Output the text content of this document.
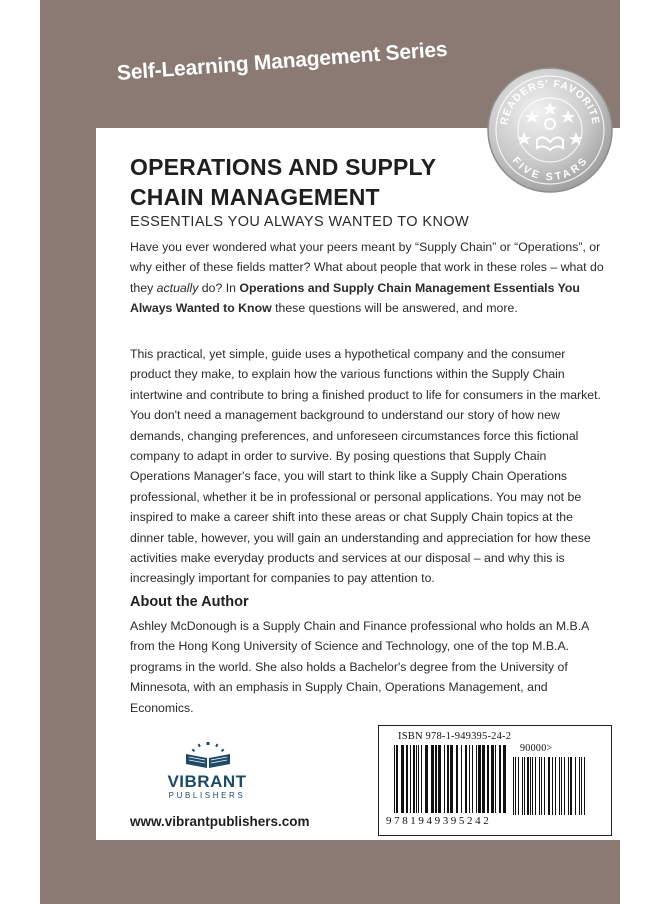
Self-Learning Management Series
READERS' FAVORITE
FIVE STARS
OPERATIONS AND SUPPLY
CHAIN MANAGEMENT
ESSENTIALS YOU ALWAYS WANTED TO KNOW
Have you ever wondered what your peers meant by “Supply Chain” or “Operations”, or why either of these fields matter? What about people that work in these roles – what do they actually do? In Operations and Supply Chain Management Essentials You Always Wanted to Know these questions will be answered, and more.
This practical, yet simple, guide uses a hypothetical company and the consumer product they make, to explain how the various functions within the Supply Chain intertwine and contribute to bring a finished product to life for consumers in the market. You don't need a management background to understand our story of how new demands, changing preferences, and unforeseen circumstances force this fictional company to adapt in order to survive. By posing questions that Supply Chain Operations Manager's face, you will start to think like a Supply Chain Operations professional, whether it be in professional or personal applications. You may not be inspired to make a career shift into these areas or chat Supply Chain topics at the dinner table, however, you will gain an understanding and appreciation for how these activities make everyday products and services at our disposal – and why this is increasingly important for companies to pay attention to.
About the Author
Ashley McDonough is a Supply Chain and Finance professional who holds an M.B.A from the Hong Kong University of Science and Technology, one of the top M.B.A. programs in the world. She also holds a Bachelor's degree from the University of Minnesota, with an emphasis in Supply Chain, Operations Management, and Economics.
VIBRANT
PUBLISHERS
www.vibrantpublishers.com
ISBN 978-1-949395-24-2
90000>
9781949395242
